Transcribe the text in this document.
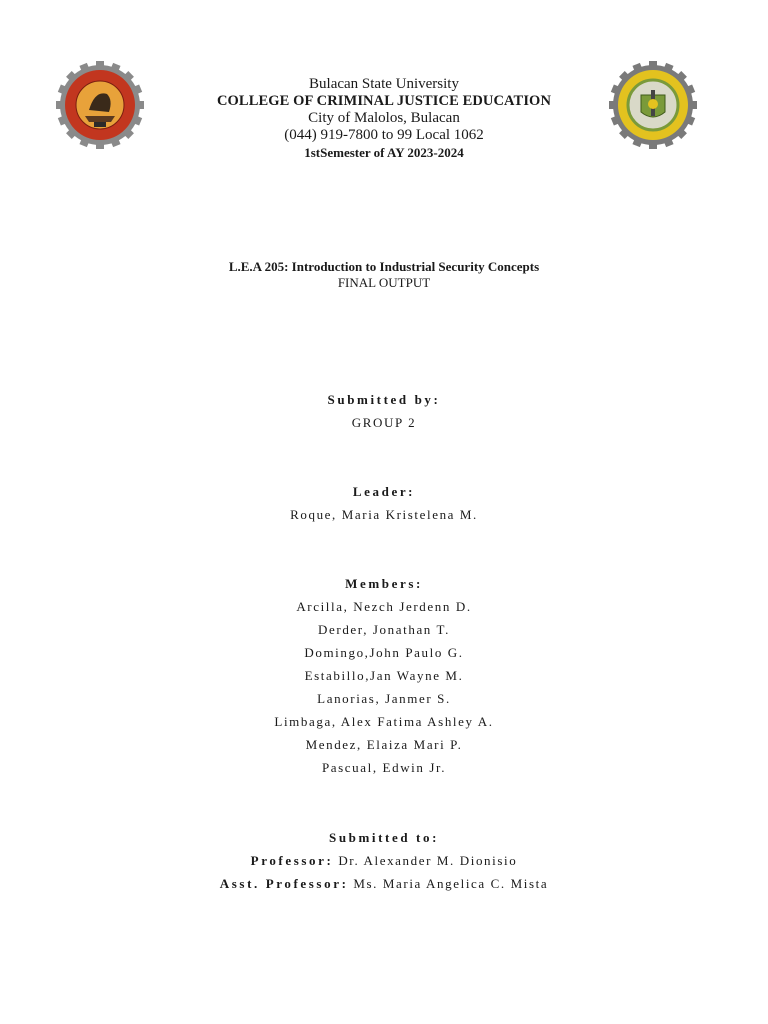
Bulacan State University
COLLEGE OF CRIMINAL JUSTICE EDUCATION
City of Malolos, Bulacan
(044) 919-7800 to 99 Local 1062
1stSemester of AY 2023-2024
L.E.A 205: Introduction to Industrial Security Concepts
FINAL OUTPUT
Submitted by:
GROUP 2
Leader:
Roque, Maria Kristelena M.
Members:
Arcilla, Nezch Jerdenn D.
Derder, Jonathan T.
Domingo,John Paulo G.
Estabillo,Jan Wayne M.
Lanorias, Janmer S.
Limbaga, Alex Fatima Ashley A.
Mendez, Elaiza Mari P.
Pascual, Edwin Jr.
Submitted to:
Professor: Dr. Alexander M. Dionisio
Asst. Professor: Ms. Maria Angelica C. Mista
